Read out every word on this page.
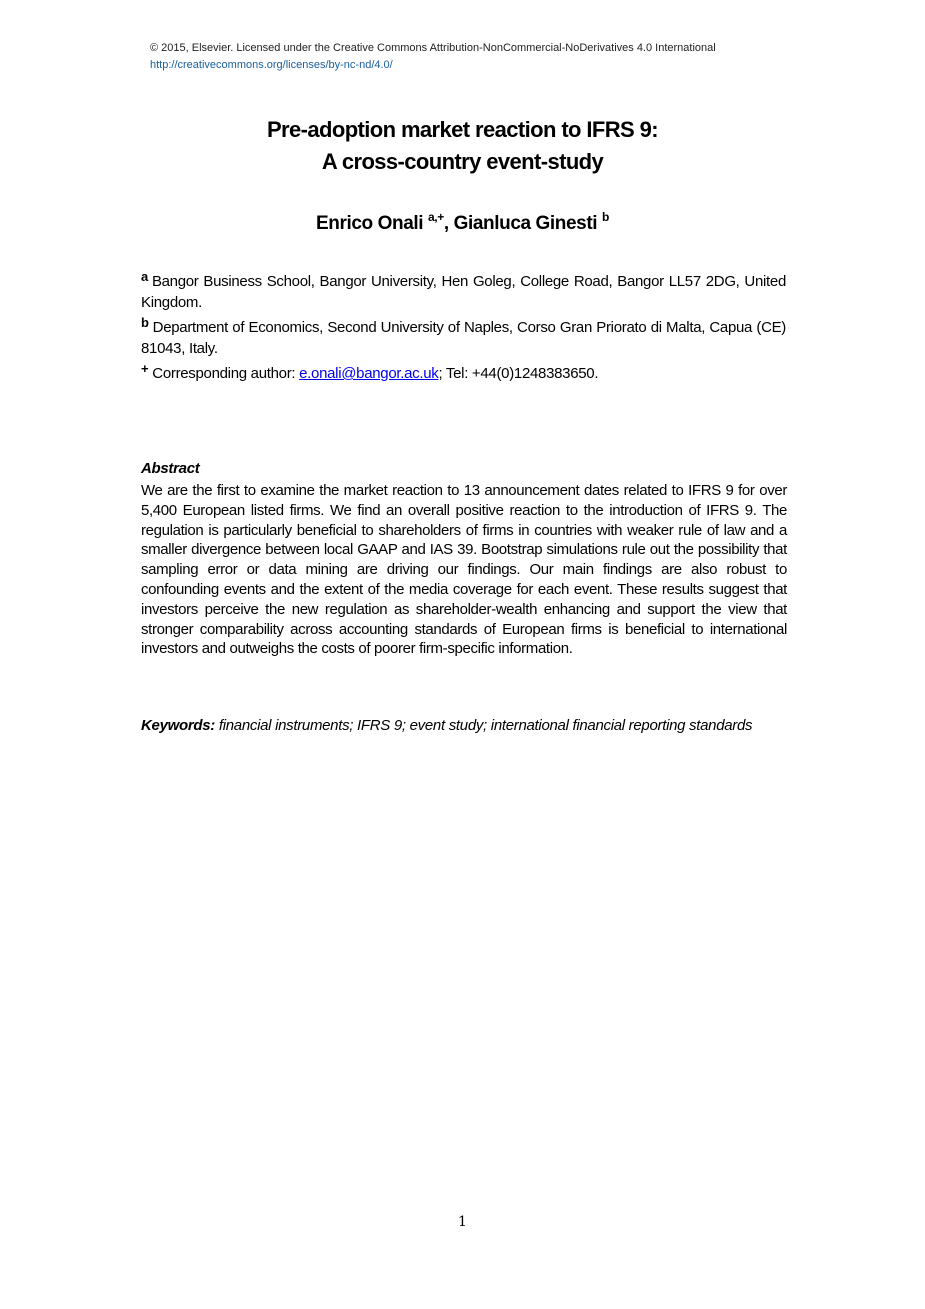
© 2015, Elsevier. Licensed under the Creative Commons Attribution-NonCommercial-NoDerivatives 4.0 International
http://creativecommons.org/licenses/by-nc-nd/4.0/
Pre-adoption market reaction to IFRS 9:
A cross-country event-study
Enrico Onali $^{a,+}$, Gianluca Ginesti $^b$
$^a$ Bangor Business School, Bangor University, Hen Goleg, College Road, Bangor LL57 2DG, United Kingdom.
$^b$ Department of Economics, Second University of Naples, Corso Gran Priorato di Malta, Capua (CE) 81043, Italy.
+ Corresponding author: e.onali@bangor.ac.uk; Tel: +44(0)1248383650.
Abstract
We are the first to examine the market reaction to 13 announcement dates related to IFRS 9 for over 5,400 European listed firms. We find an overall positive reaction to the introduction of IFRS 9. The regulation is particularly beneficial to shareholders of firms in countries with weaker rule of law and a smaller divergence between local GAAP and IAS 39. Bootstrap simulations rule out the possibility that sampling error or data mining are driving our findings. Our main findings are also robust to confounding events and the extent of the media coverage for each event. These results suggest that investors perceive the new regulation as shareholder-wealth enhancing and support the view that stronger comparability across accounting standards of European firms is beneficial to international investors and outweighs the costs of poorer firm-specific information.
Keywords: financial instruments; IFRS 9; event study; international financial reporting standards
1
